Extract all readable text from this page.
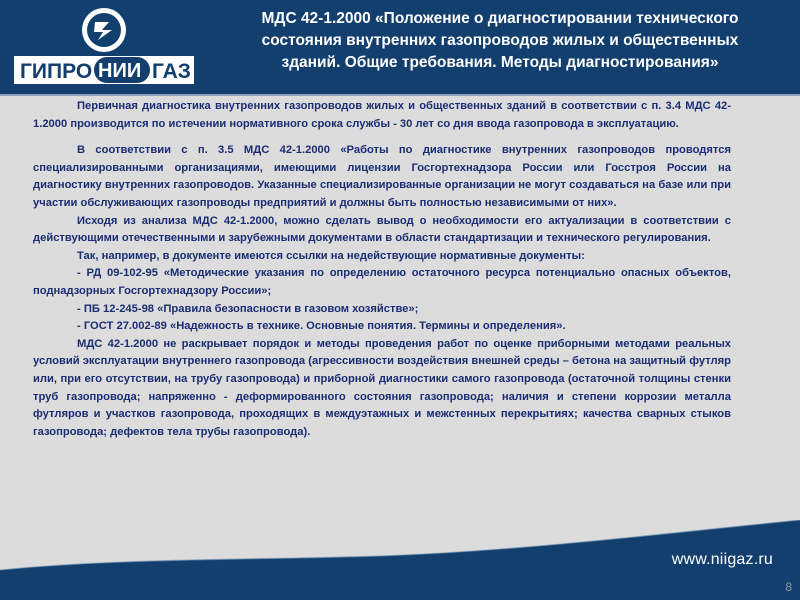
ГИПРО НИИ ГАЗ
МДС 42-1.2000 «Положение о диагностировании технического
состояния внутренних газопроводов жилых и общественных
зданий. Общие требования. Методы диагностирования»

Первичная диагностика внутренних газопроводов жилых и общественных зданий в соответствии с п. 3.4 МДС 42-1.2000 производится по истечении нормативного срока службы - 30 лет со дня ввода газопровода в эксплуатацию.

В соответствии с п. 3.5 МДС 42-1.2000 «Работы по диагностике внутренних газопроводов проводятся специализированными организациями, имеющими лицензии Госгортехнадзора России или Госстроя России на диагностику внутренних газопроводов. Указанные специализированные организации не могут создаваться на базе или при участии обслуживающих газопроводы предприятий и должны быть полностью независимыми от них».

Исходя из анализа МДС 42-1.2000, можно сделать вывод о необходимости его актуализации в соответствии с действующими отечественными и зарубежными документами в области стандартизации и технического регулирования.

Так, например, в документе имеются ссылки на недействующие нормативные документы:

- РД 09-102-95 «Методические указания по определению остаточного ресурса потенциально опасных объектов, поднадзорных Госгортехнадзору России»;

- ПБ 12-245-98 «Правила безопасности в газовом хозяйстве»;

- ГОСТ 27.002-89 «Надежность в технике. Основные понятия. Термины и определения».

МДС 42-1.2000 не раскрывает порядок и методы проведения работ по оценке приборными методами реальных условий эксплуатации внутреннего газопровода (агрессивности воздействия внешней среды – бетона на защитный футляр или, при его отсутствии, на трубу газопровода) и приборной диагностики самого газопровода (остаточной толщины стенки труб газопровода; напряженно - деформированного состояния газопровода; наличия и степени коррозии металла футляров и участков газопровода, проходящих в междуэтажных и межстенных перекрытиях; качества сварных стыков газопровода; дефектов тела трубы газопровода).

www.niigaz.ru
8
